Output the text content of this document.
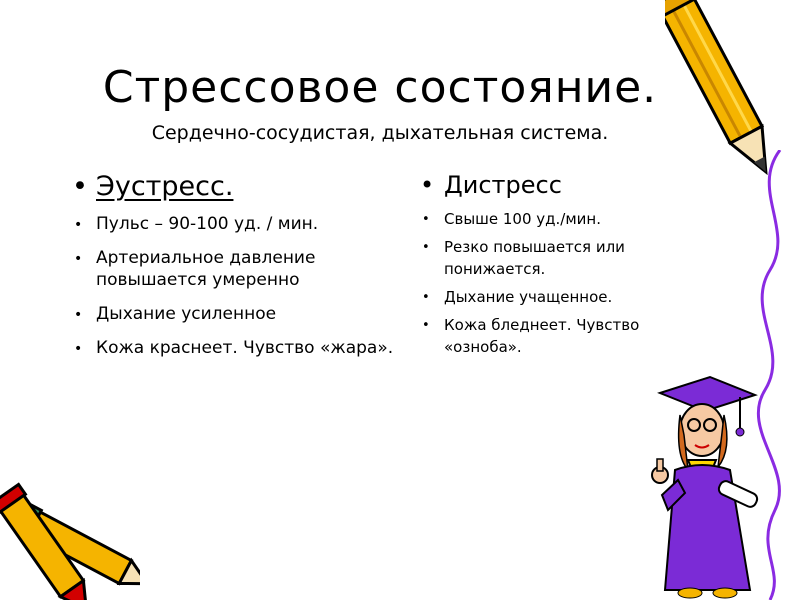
Стрессовое состояние.
Сердечно-сосудистая, дыхательная система.
• Эустресс.
• Пульс – 90-100 уд. / мин.
• Артериальное давление повышается умеренно
• Дыхание усиленное
• Кожа краснеет. Чувство «жара».
• Дистресс
• Свыше 100 уд./мин.
• Резко повышается или понижается.
• Дыхание учащенное.
• Кожа бледнеет. Чувство «озноба».
